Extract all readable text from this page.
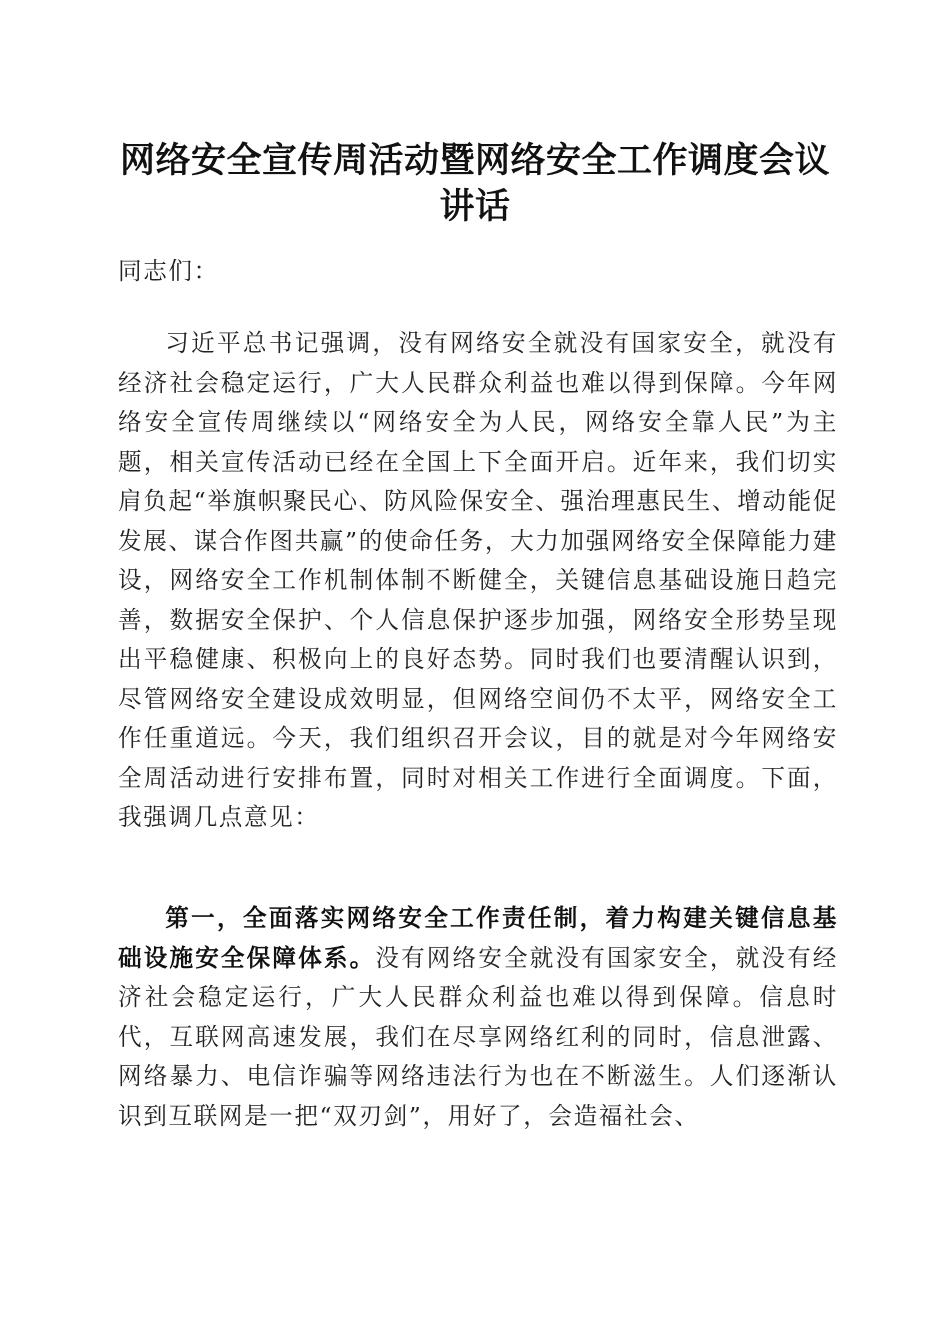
网络安全宣传周活动暨网络安全工作调度会议
讲话
同志们：
习近平总书记强调，没有网络安全就没有国家安全，就没有经济社会稳定运行，广大人民群众利益也难以得到保障。今年网络安全宣传周继续以“网络安全为人民，网络安全靠人民”为主题，相关宣传活动已经在全国上下全面开启。近年来，我们切实肩负起“举旗帜聚民心、防风险保安全、强治理惠民生、增动能促发展、谋合作图共赢”的使命任务，大力加强网络安全保障能力建设，网络安全工作机制体制不断健全，关键信息基础设施日趋完善，数据安全保护、个人信息保护逐步加强，网络安全形势呈现出平稳健康、积极向上的良好态势。同时我们也要清醒认识到，尽管网络安全建设成效明显，但网络空间仍不太平，网络安全工作任重道远。今天，我们组织召开会议，目的就是对今年网络安全周活动进行安排布置，同时对相关工作进行全面调度。下面，我强调几点意见：
第一，全面落实网络安全工作责任制，着力构建关键信息基础设施安全保障体系。没有网络安全就没有国家安全，就没有经济社会稳定运行，广大人民群众利益也难以得到保障。信息时代，互联网高速发展，我们在尽享网络红利的同时，信息泄露、网络暴力、电信诈骗等网络违法行为也在不断滋生。人们逐渐认识到互联网是一把“双刃剑”，用好了，会造福社会、
